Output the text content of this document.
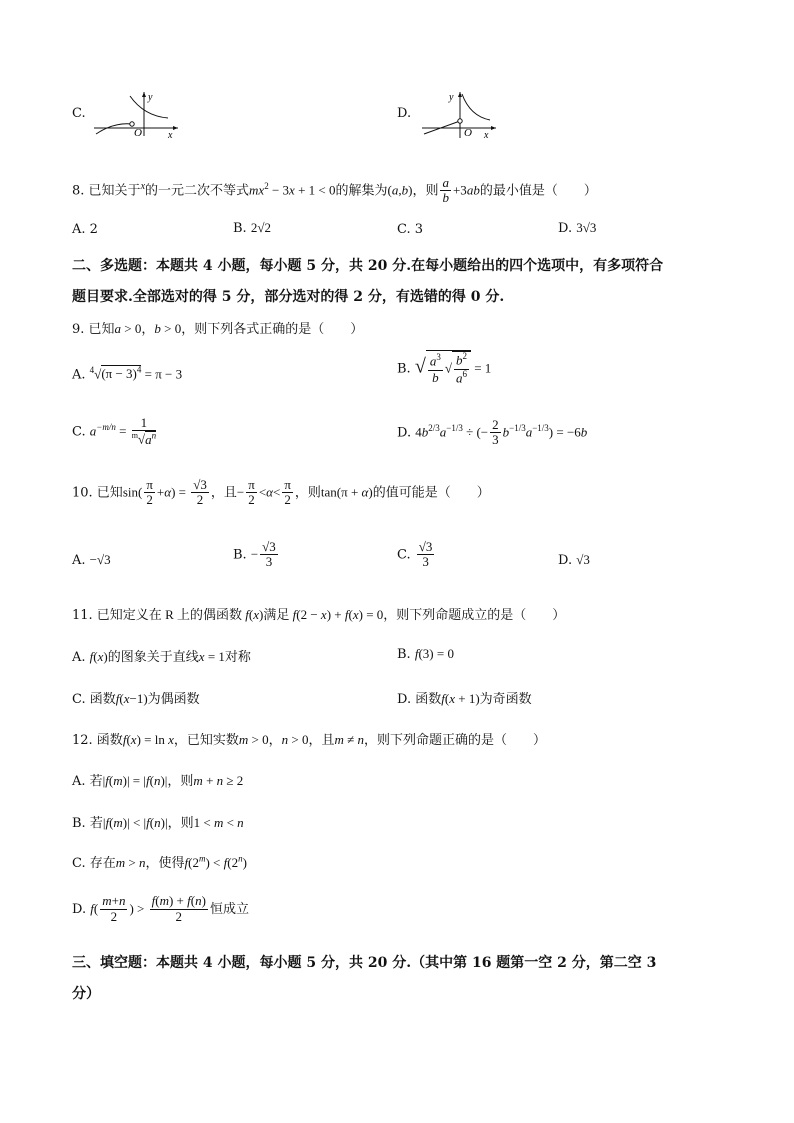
C.
y
x
O
D.
y
x
O
8. 已知关于$^x$的一元二次不等式$mx^2 - 3x + 1 < 0$的解集为(a,b)，则 $\frac{a}{b} +3ab$的最小值是（　　）
A. 2	B. 2√2	C. 3	D. 3√3
二、多选题：本题共 4 小题，每小题 5 分，共 20 分.在每小题给出的四个选项中，有多项符合
题目要求.全部选对的得 5 分，部分选对的得 2 分，有选错的得 0 分.
9. 已知a > 0，b > 0，则下列各式正确的是（　　）
A. $^4√(\pi - 3)^4 = \pi - 3$	B. √ $\frac{a^3}{b}$ √ $\frac{b^2}{a^6} = 1$
C. $a^{-m/n} = \frac{1}{^m√a^n}$	D. $4b^{2/3}a^{-1/3}$ ÷ (− $\frac{2}{3} b^{-1/3}a^{-1/3}) = -6b$
10. 已知$\sin( \frac{\pi}{2} +\alpha) = \frac{√3}{2}$ ，且− $\frac{\pi}{2} <\alpha< \frac{\pi}{2}$ ，则tan(π + α)的值可能是（　　）
A. −√3	B. − $\frac{√3}{3}$	C. $\frac{√3}{3}$	D. √3
11. 已知定义在 R 上的偶函数 f(x)满足 f(2 − x) + f(x) = 0，则下列命题成立的是（　　）
A. f(x)的图象关于直线x = 1对称	B. f(3) = 0
C. 函数f(x−1)为偶函数	D. 函数f(x + 1)为奇函数
12. 函数f(x) = ln x，已知实数m > 0，n > 0，且m ≠ n，则下列命题正确的是（　　）
A. 若|f(m)| = |f(n)|，则m + n ≥ 2
B. 若|f(m)| < |f(n)|，则1 < m < n
C. 存在m > n，使得$f(2^m) < f(2^n)$
D. $f( \frac{m+n}{2}$ ) > $\frac{f(m) + f(n)}{2}$ 恒成立
三、填空题：本题共 4 小题，每小题 5 分，共 20 分.（其中第 16 题第一空 2 分，第二空 3
分）
